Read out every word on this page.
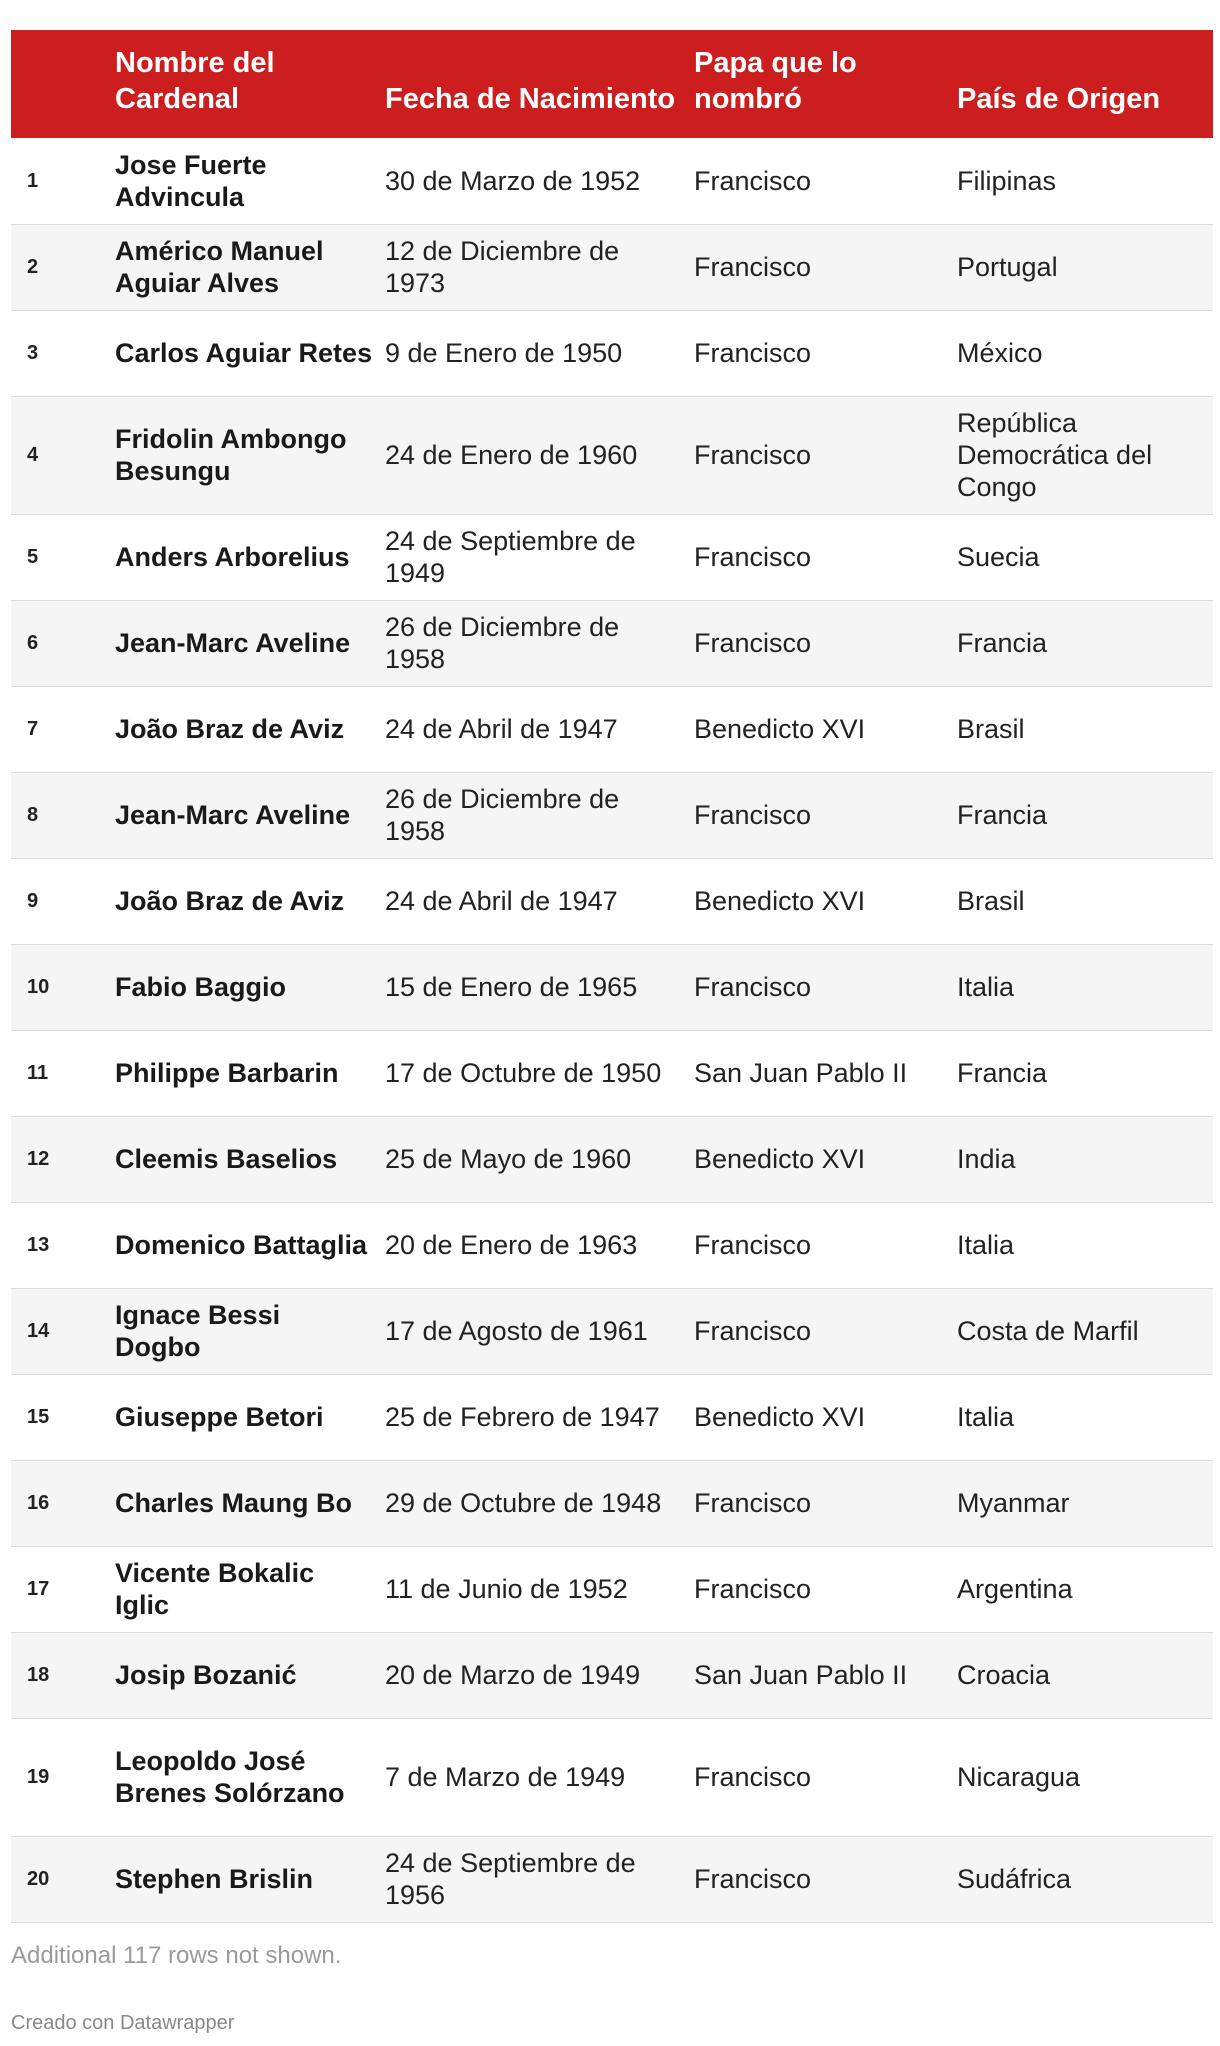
	Nombre del Cardenal	Fecha de Nacimiento	Papa que lo nombró	País de Origen
1	Jose Fuerte Advincula	30 de Marzo de 1952	Francisco	Filipinas
2	Américo Manuel Aguiar Alves	12 de Diciembre de 1973	Francisco	Portugal
3	Carlos Aguiar Retes	9 de Enero de 1950	Francisco	México
4	Fridolin Ambongo Besungu	24 de Enero de 1960	Francisco	República Democrática del Congo
5	Anders Arborelius	24 de Septiembre de 1949	Francisco	Suecia
6	Jean-Marc Aveline	26 de Diciembre de 1958	Francisco	Francia
7	João Braz de Aviz	24 de Abril de 1947	Benedicto XVI	Brasil
8	Jean-Marc Aveline	26 de Diciembre de 1958	Francisco	Francia
9	João Braz de Aviz	24 de Abril de 1947	Benedicto XVI	Brasil
10	Fabio Baggio	15 de Enero de 1965	Francisco	Italia
11	Philippe Barbarin	17 de Octubre de 1950	San Juan Pablo II	Francia
12	Cleemis Baselios	25 de Mayo de 1960	Benedicto XVI	India
13	Domenico Battaglia	20 de Enero de 1963	Francisco	Italia
14	Ignace Bessi Dogbo	17 de Agosto de 1961	Francisco	Costa de Marfil
15	Giuseppe Betori	25 de Febrero de 1947	Benedicto XVI	Italia
16	Charles Maung Bo	29 de Octubre de 1948	Francisco	Myanmar
17	Vicente Bokalic Iglic	11 de Junio de 1952	Francisco	Argentina
18	Josip Bozanić	20 de Marzo de 1949	San Juan Pablo II	Croacia
19	Leopoldo José Brenes Solórzano	7 de Marzo de 1949	Francisco	Nicaragua
20	Stephen Brislin	24 de Septiembre de 1956	Francisco	Sudáfrica
Additional 117 rows not shown.
Creado con Datawrapper
